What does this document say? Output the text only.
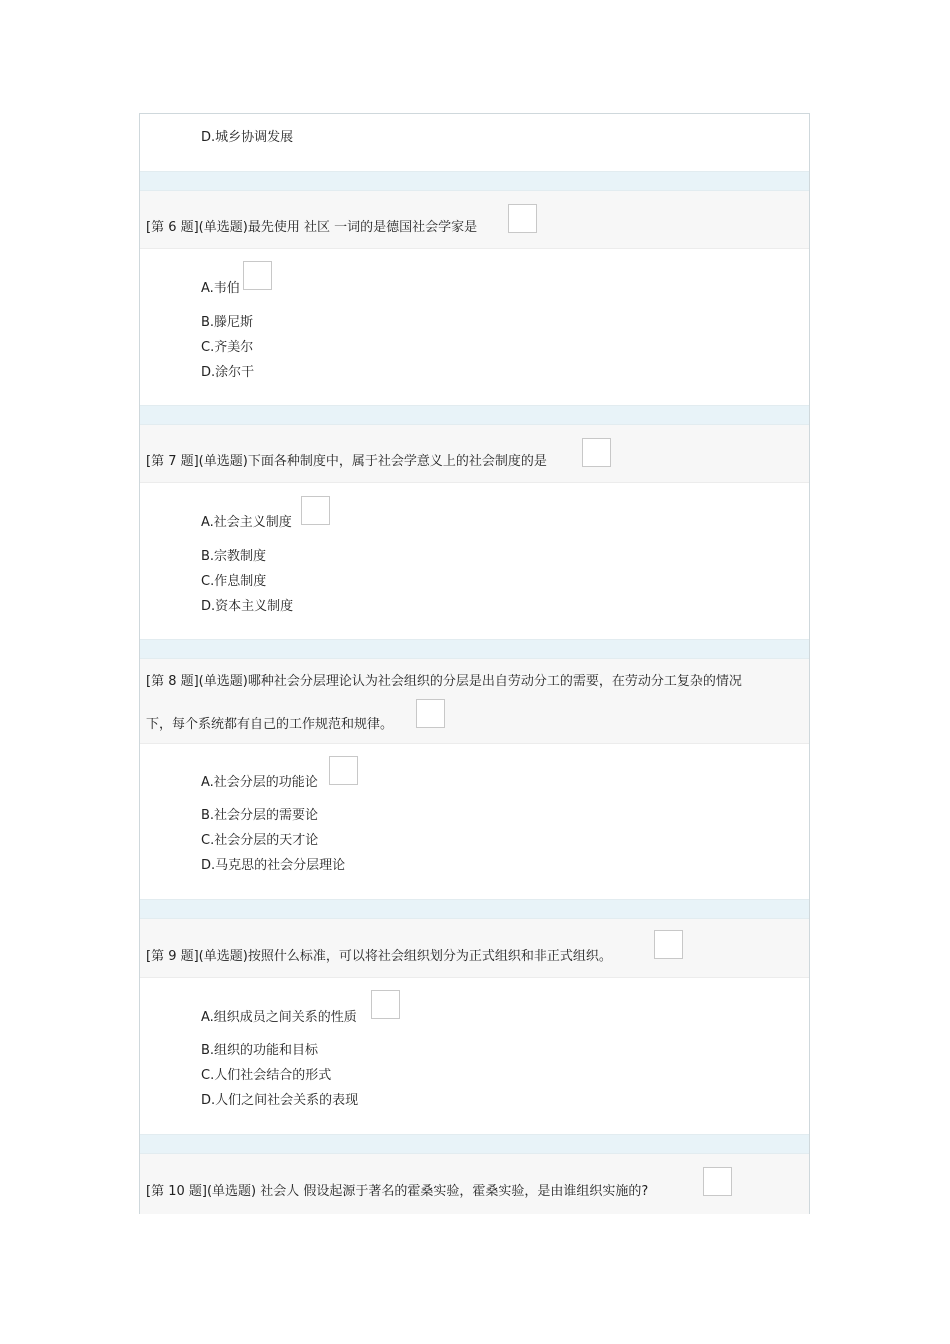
D.城乡协调发展
[第 6 题](单选题)最先使用 社区 一词的是德国社会学家是
A.韦伯
B.滕尼斯
C.齐美尔
D.涂尔干
[第 7 题](单选题)下面各种制度中，属于社会学意义上的社会制度的是
A.社会主义制度
B.宗教制度
C.作息制度
D.资本主义制度
[第 8 题](单选题)哪种社会分层理论认为社会组织的分层是出自劳动分工的需要，在劳动分工复杂的情况
下，每个系统都有自己的工作规范和规律。
A.社会分层的功能论
B.社会分层的需要论
C.社会分层的天才论
D.马克思的社会分层理论
[第 9 题](单选题)按照什么标准，可以将社会组织划分为正式组织和非正式组织。
A.组织成员之间关系的性质
B.组织的功能和目标
C.人们社会结合的形式
D.人们之间社会关系的表现
[第 10 题](单选题) 社会人 假设起源于著名的霍桑实验，霍桑实验，是由谁组织实施的?
